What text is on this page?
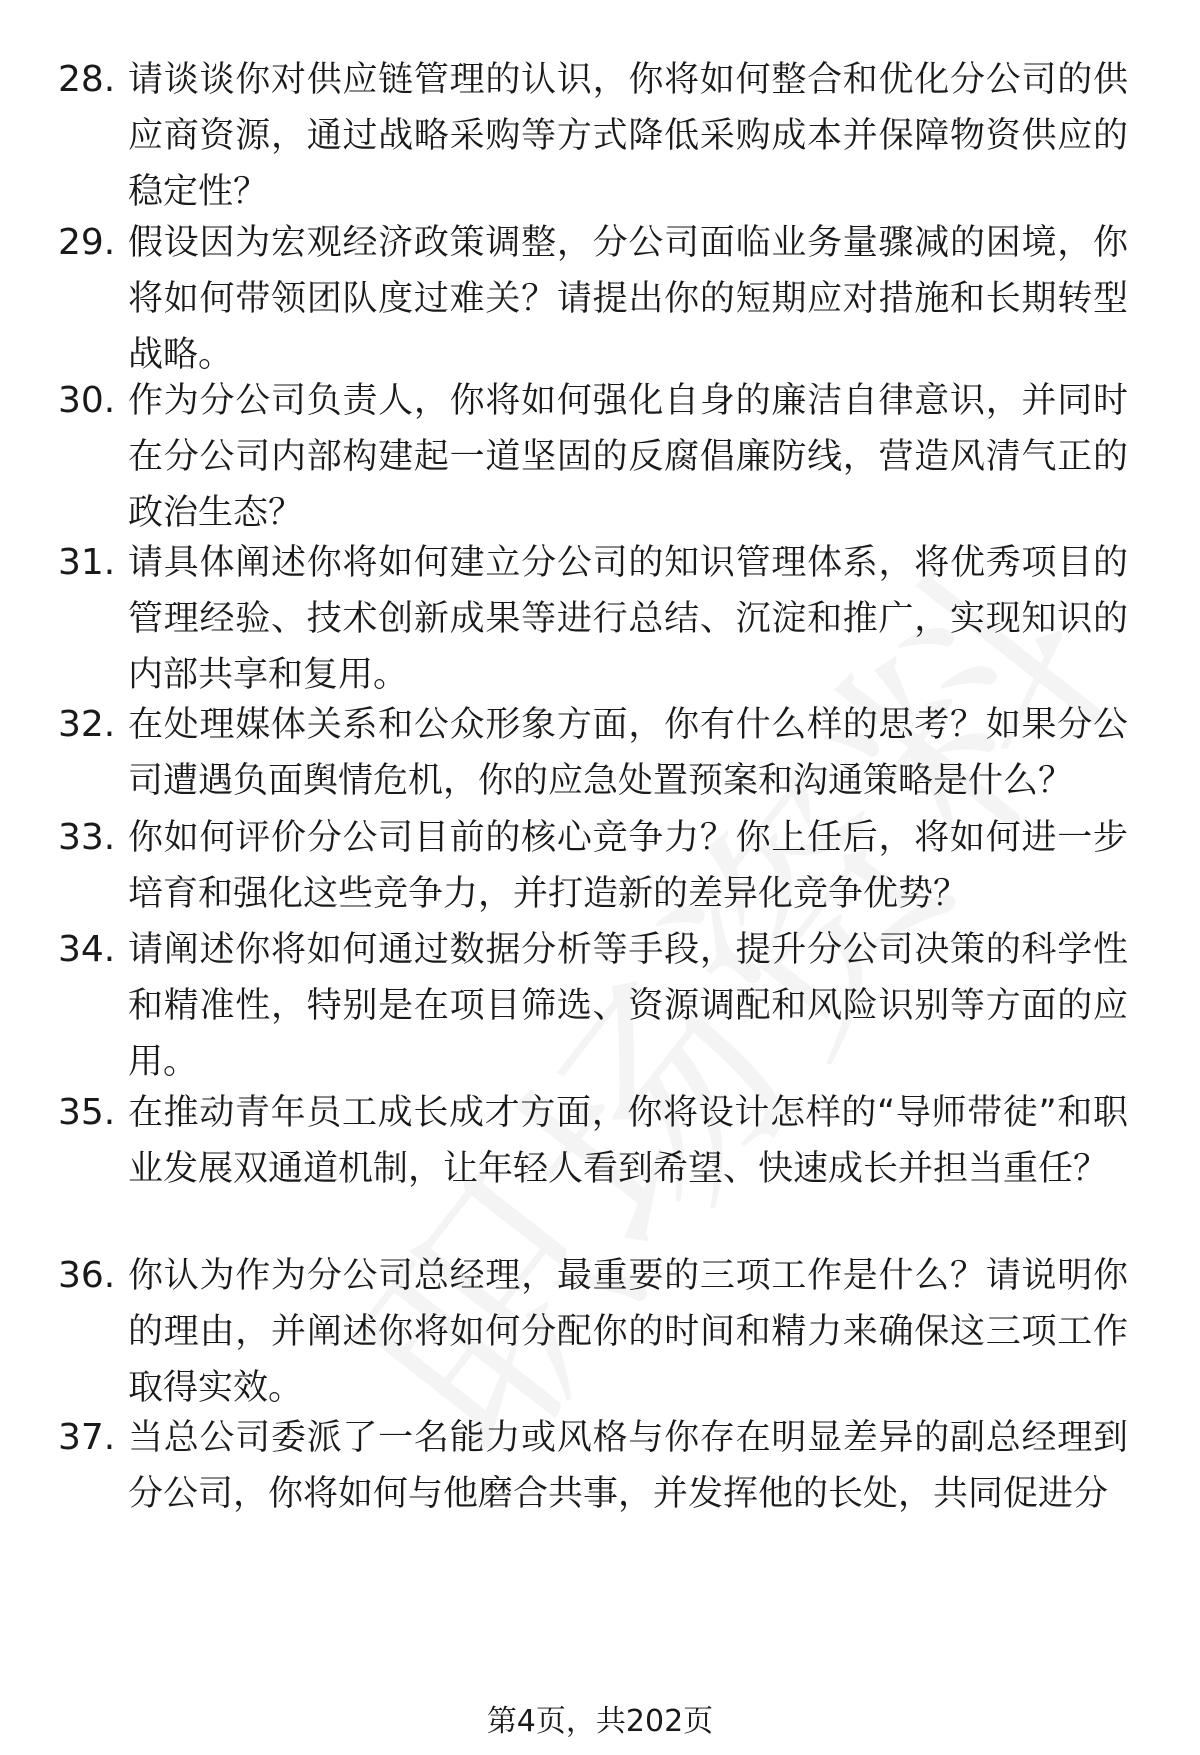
28. 请谈谈你对供应链管理的认识，你将如何整合和优化分公司的供应商资源，通过战略采购等方式降低采购成本并保障物资供应的稳定性？
29. 假设因为宏观经济政策调整，分公司面临业务量骤减的困境，你将如何带领团队度过难关？请提出你的短期应对措施和长期转型战略。
30. 作为分公司负责人，你将如何强化自身的廉洁自律意识，并同时在分公司内部构建起一道坚固的反腐倡廉防线，营造风清气正的政治生态？
31. 请具体阐述你将如何建立分公司的知识管理体系，将优秀项目的管理经验、技术创新成果等进行总结、沉淀和推广，实现知识的内部共享和复用。
32. 在处理媒体关系和公众形象方面，你有什么样的思考？如果分公司遭遇负面舆情危机，你的应急处置预案和沟通策略是什么？
33. 你如何评价分公司目前的核心竞争力？你上任后，将如何进一步培育和强化这些竞争力，并打造新的差异化竞争优势？
34. 请阐述你将如何通过数据分析等手段，提升分公司决策的科学性和精准性，特别是在项目筛选、资源调配和风险识别等方面的应用。
35. 在推动青年员工成长成才方面，你将设计怎样的“导师带徒”和职业发展双通道机制，让年轻人看到希望、快速成长并担当重任？
36. 你认为作为分公司总经理，最重要的三项工作是什么？请说明你的理由，并阐述你将如何分配你的时间和精力来确保这三项工作取得实效。
37. 当总公司委派了一名能力或风格与你存在明显差异的副总经理到分公司，你将如何与他磨合共事，并发挥他的长处，共同促进分
第4页，共202页
